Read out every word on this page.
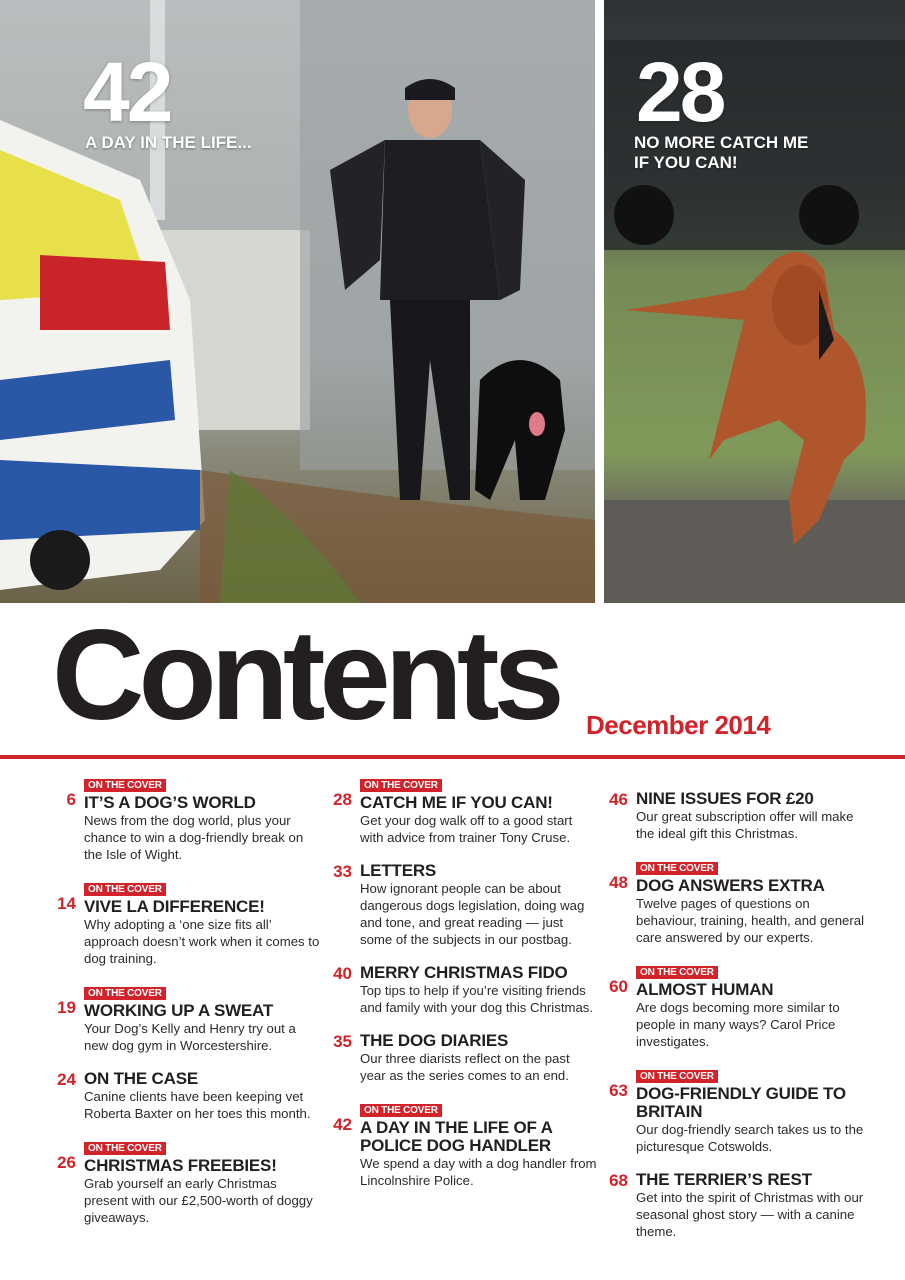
42
A DAY IN THE LIFE...
28
NO MORE CATCH ME
IF YOU CAN!
Contents December 2014
ON THE COVER
6 IT’S A DOG’S WORLD
News from the dog world, plus your chance to win a dog-friendly break on the Isle of Wight.
ON THE COVER
14 VIVE LA DIFFERENCE!
Why adopting a ‘one size fits all’ approach doesn’t work when it comes to dog training.
ON THE COVER
19 WORKING UP A SWEAT
Your Dog’s Kelly and Henry try out a new dog gym in Worcestershire.
24 ON THE CASE
Canine clients have been keeping vet Roberta Baxter on her toes this month.
ON THE COVER
26 CHRISTMAS FREEBIES!
Grab yourself an early Christmas present with our £2,500-worth of doggy giveaways.
ON THE COVER
28 CATCH ME IF YOU CAN!
Get your dog walk off to a good start with advice from trainer Tony Cruse.
33 LETTERS
How ignorant people can be about dangerous dogs legislation, doing wag and tone, and great reading — just some of the subjects in our postbag.
40 MERRY CHRISTMAS FIDO
Top tips to help if you’re visiting friends and family with your dog this Christmas.
35 THE DOG DIARIES
Our three diarists reflect on the past year as the series comes to an end.
ON THE COVER
42 A DAY IN THE LIFE OF A POLICE DOG HANDLER
We spend a day with a dog handler from Lincolnshire Police.
46 NINE ISSUES FOR £20
Our great subscription offer will make the ideal gift this Christmas.
ON THE COVER
48 DOG ANSWERS EXTRA
Twelve pages of questions on behaviour, training, health, and general care answered by our experts.
ON THE COVER
60 ALMOST HUMAN
Are dogs becoming more similar to people in many ways? Carol Price investigates.
ON THE COVER
63 DOG-FRIENDLY GUIDE TO BRITAIN
Our dog-friendly search takes us to the picturesque Cotswolds.
68 THE TERRIER’S REST
Get into the spirit of Christmas with our seasonal ghost story — with a canine theme.
